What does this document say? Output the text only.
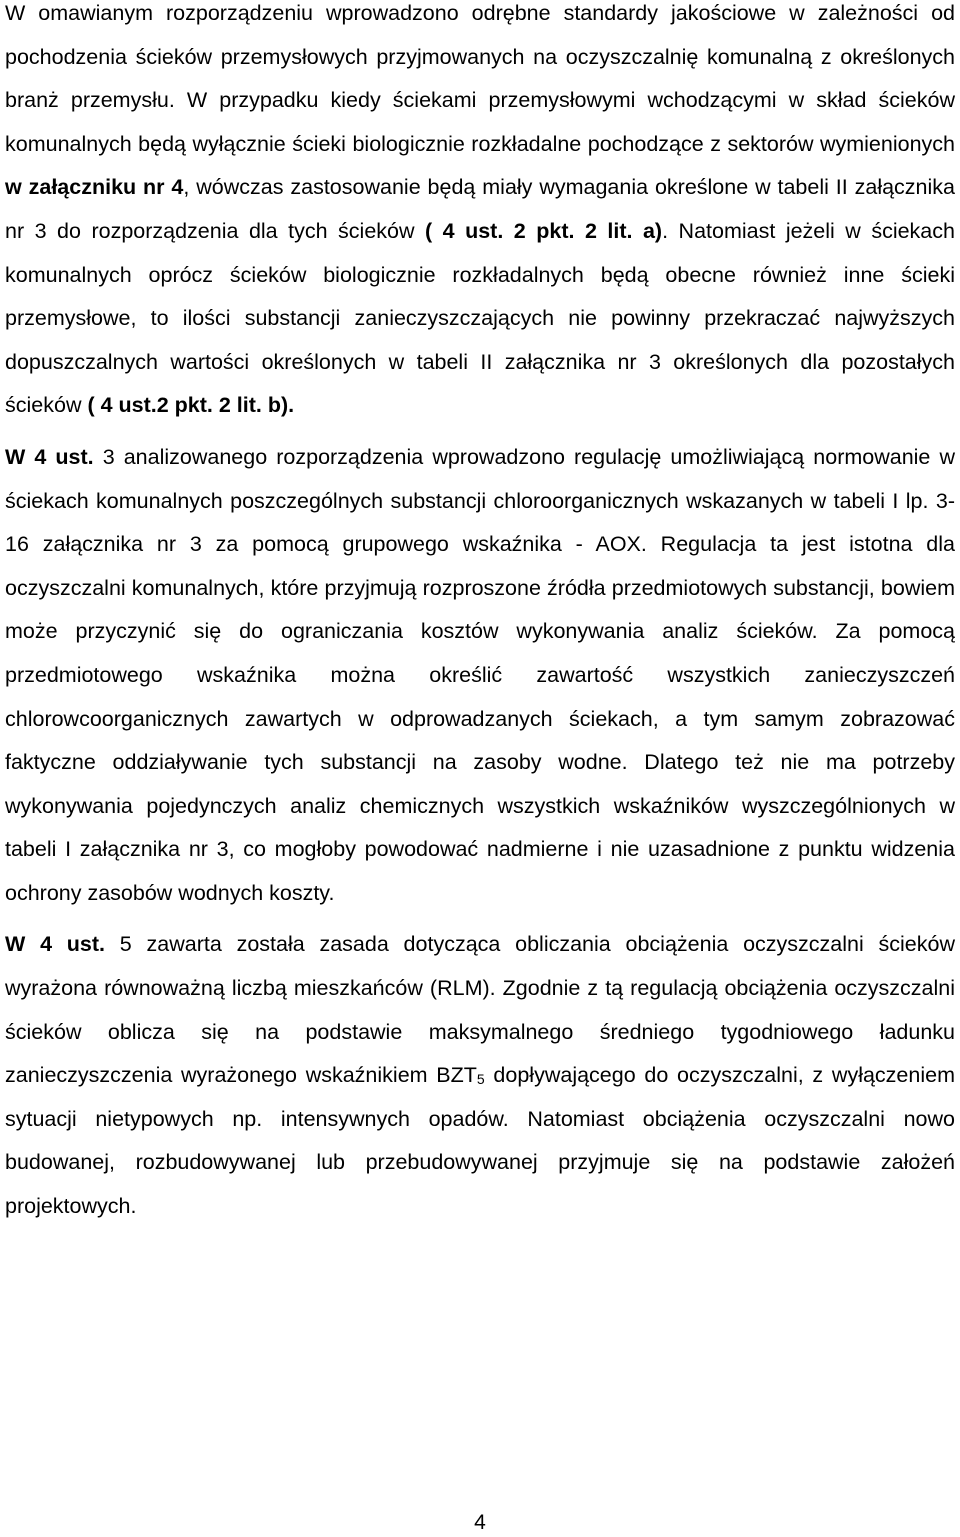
W omawianym rozporządzeniu wprowadzono odrębne standardy jakościowe w zależności od pochodzenia ścieków przemysłowych przyjmowanych na oczyszczalnię komunalną z określonych branż przemysłu. W przypadku kiedy ściekami przemysłowymi wchodzącymi w skład ścieków komunalnych będą wyłącznie ścieki biologicznie rozkładalne pochodzące z sektorów wymienionych w załączniku nr 4, wówczas zastosowanie będą miały wymagania określone w tabeli II załącznika nr 3 do rozporządzenia dla tych ścieków ( 4 ust. 2 pkt. 2 lit. a). Natomiast jeżeli w ściekach komunalnych oprócz ścieków biologicznie rozkładalnych będą obecne również inne ścieki przemysłowe, to ilości substancji zanieczyszczających nie powinny przekraczać najwyższych dopuszczalnych wartości określonych w tabeli II załącznika nr 3 określonych dla pozostałych ścieków ( 4 ust.2 pkt. 2 lit. b).

W 4 ust. 3 analizowanego rozporządzenia wprowadzono regulację umożliwiającą normowanie w ściekach komunalnych poszczególnych substancji chloroorganicznych wskazanych w tabeli I lp. 3-16 załącznika nr 3 za pomocą grupowego wskaźnika - AOX. Regulacja ta jest istotna dla oczyszczalni komunalnych, które przyjmują rozproszone źródła przedmiotowych substancji, bowiem może przyczynić się do ograniczania kosztów wykonywania analiz ścieków. Za pomocą przedmiotowego wskaźnika można określić zawartość wszystkich zanieczyszczeń chlorowcoorganicznych zawartych w odprowadzanych ściekach, a tym samym zobrazować faktyczne oddziaływanie tych substancji na zasoby wodne. Dlatego też nie ma potrzeby wykonywania pojedynczych analiz chemicznych wszystkich wskaźników wyszczególnionych w tabeli I załącznika nr 3, co mogłoby powodować nadmierne i nie uzasadnione z punktu widzenia ochrony zasobów wodnych koszty.

W 4 ust. 5 zawarta została zasada dotycząca obliczania obciążenia oczyszczalni ścieków wyrażona równoważną liczbą mieszkańców (RLM). Zgodnie z tą regulacją obciążenia oczyszczalni ścieków oblicza się na podstawie maksymalnego średniego tygodniowego ładunku zanieczyszczenia wyrażonego wskaźnikiem $BZT_5$ dopływającego do oczyszczalni, z wyłączeniem sytuacji nietypowych np. intensywnych opadów. Natomiast obciążenia oczyszczalni nowo budowanej, rozbudowywanej lub przebudowywanej przyjmuje się na podstawie założeń projektowych.

4
